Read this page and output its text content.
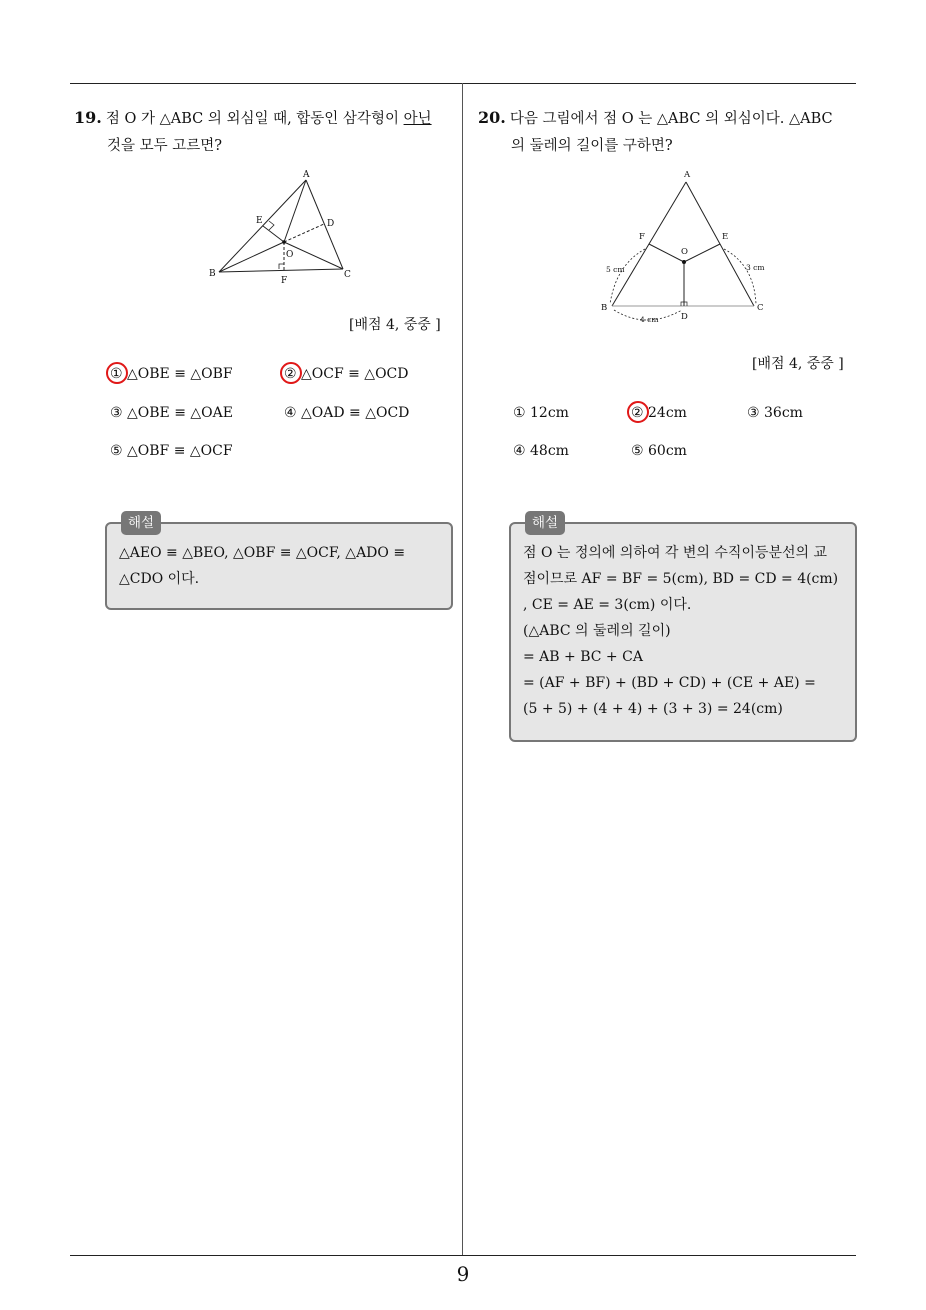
9
19. 점 O 가 △ABC 의 외심일 때, 합동인 삼각형이 아닌
것을 모두 고르면?
A
B	C
D
E
F
O
[배점 4, 중중 ]
① △OBE ≡ △OBF	② △OCF ≡ △OCD
③ △OBE ≡ △OAE	④ △OAD ≡ △OCD
⑤ △OBF ≡ △OCF
해설
△AEO ≡ △BEO, △OBF ≡ △OCF, △ADO ≡
△CDO 이다.
20. 다음 그림에서 점 O 는 △ABC 의 외심이다. △ABC
의 둘레의 길이를 구하면?
A
B	C
D
E
F
O
5 cm	3 cm
4 cm
[배점 4, 중중 ]
① 12cm	② 24cm	③ 36cm
④ 48cm	⑤ 60cm
해설
점 O 는 정의에 의하여 각 변의 수직이등분선의 교
점이므로 AF = BF = 5(cm), BD = CD = 4(cm)
, CE = AE = 3(cm) 이다.
(△ABC 의 둘레의 길이)
= AB + BC + CA
= (AF + BF) + (BD + CD) + (CE + AE) =
(5 + 5) + (4 + 4) + (3 + 3) = 24(cm)
